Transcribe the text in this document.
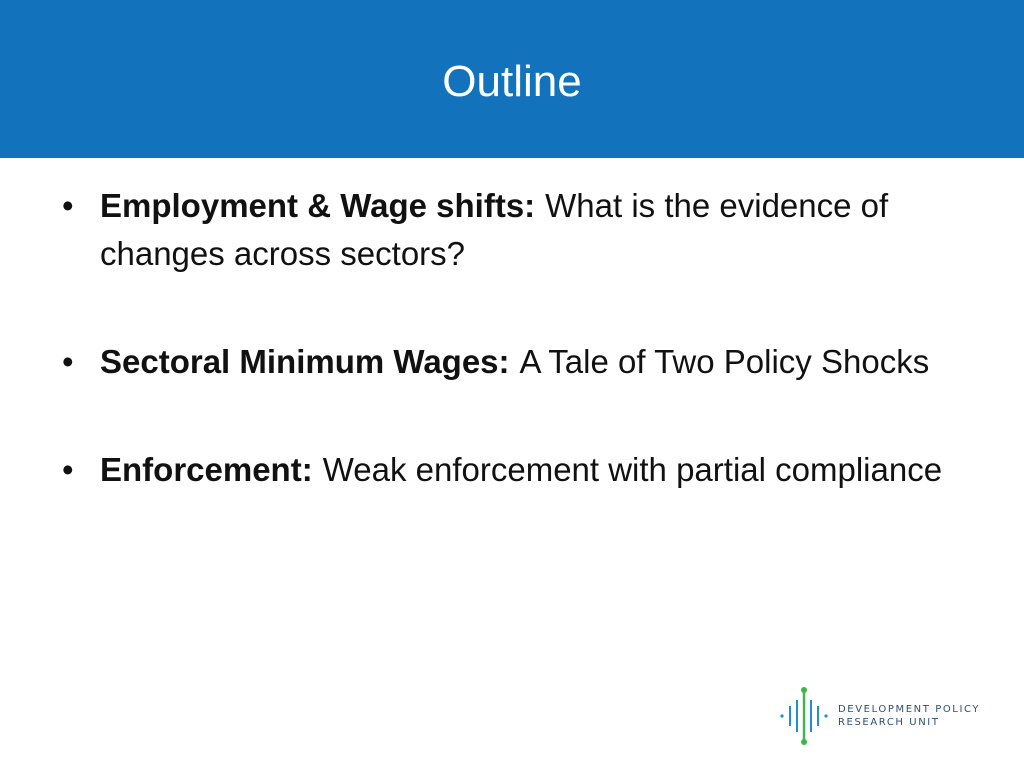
Outline
• Employment & Wage shifts: What is the evidence of changes across sectors?
• Sectoral Minimum Wages: A Tale of Two Policy Shocks
• Enforcement: Weak enforcement with partial compliance
DEVELOPMENT POLICY
RESEARCH UNIT
